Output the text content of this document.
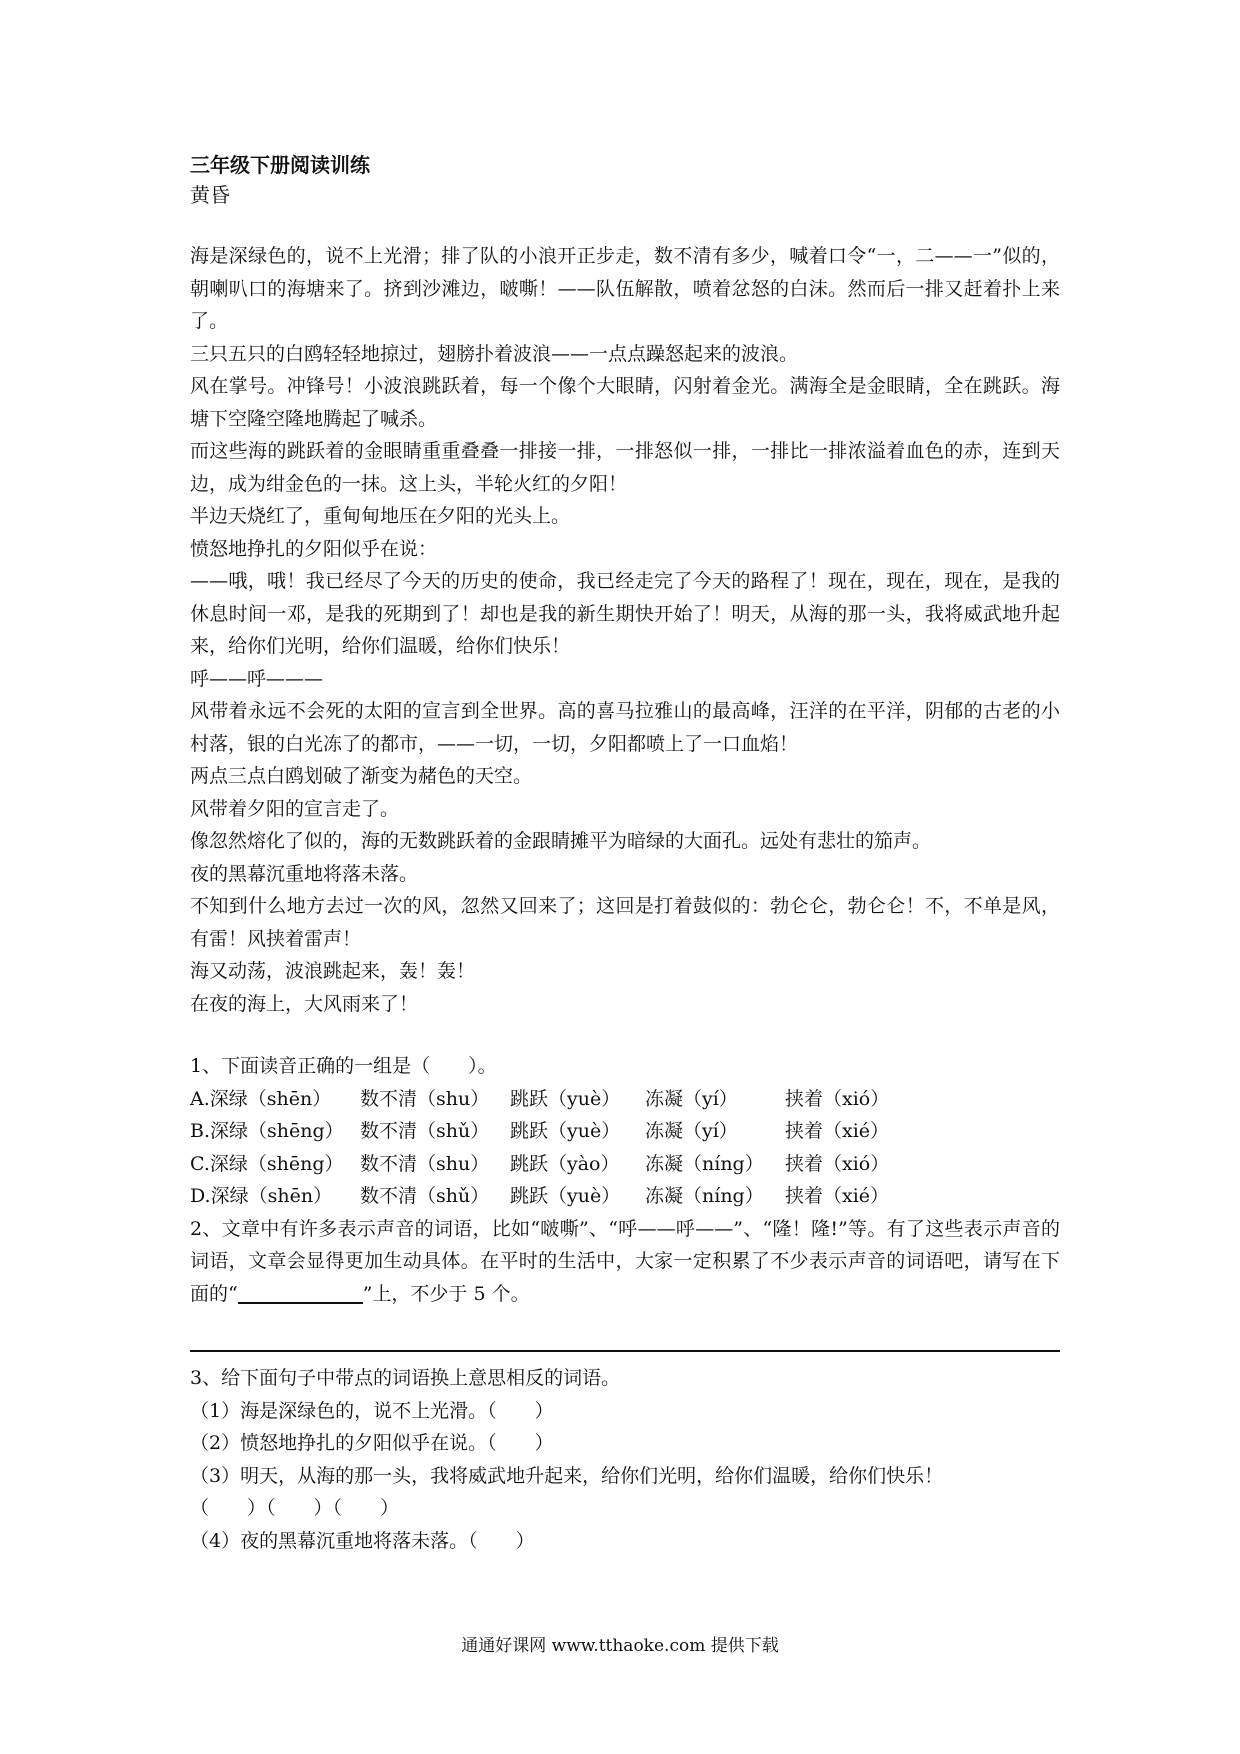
三年级下册阅读训练
黄昏

海是深绿色的，说不上光滑；排了队的小浪开正步走，数不清有多少，喊着口令“一，二——一”似的，朝喇叭口的海塘来了。挤到沙滩边，啵嘶！——队伍解散，喷着忿怒的白沫。然而后一排又赶着扑上来了。

三只五只的白鸥轻轻地掠过，翅膀扑着波浪——一点点躁怒起来的波浪。

风在掌号。冲锋号！小波浪跳跃着，每一个像个大眼睛，闪射着金光。满海全是金眼睛，全在跳跃。海塘下空隆空隆地腾起了喊杀。

而这些海的跳跃着的金眼睛重重叠叠一排接一排，一排怒似一排，一排比一排浓溢着血色的赤，连到天边，成为绀金色的一抹。这上头，半轮火红的夕阳！

半边天烧红了，重甸甸地压在夕阳的光头上。

愤怒地挣扎的夕阳似乎在说：

——哦，哦！我已经尽了今天的历史的使命，我已经走完了今天的路程了！现在，现在，现在，是我的休息时间一邓，是我的死期到了！却也是我的新生期快开始了！明天，从海的那一头，我将威武地升起来，给你们光明，给你们温暖，给你们快乐！

呼——呼———

风带着永远不会死的太阳的宣言到全世界。高的喜马拉雅山的最高峰，汪洋的在平洋，阴郁的古老的小村落，银的白光冻了的都市，——一切，一切，夕阳都喷上了一口血焰！

两点三点白鸥划破了渐变为赭色的天空。

风带着夕阳的宣言走了。

像忽然熔化了似的，海的无数跳跃着的金跟睛摊平为暗绿的大面孔。远处有悲壮的笳声。

夜的黑幕沉重地将落未落。

不知到什么地方去过一次的风，忽然又回来了；这回是打着鼓似的：勃仑仑，勃仑仑！不，不单是风，有雷！风挟着雷声！

海又动荡，波浪跳起来，轰！轰！

在夜的海上，大风雨来了！

1、下面读音正确的一组是（　　）。
A.深绿（shēn） 数不清（shu） 跳跃（yuè） 冻凝（yí） 挟着（xió）
B.深绿（shēng） 数不清（shǔ） 跳跃（yuè） 冻凝（yí） 挟着（xié）
C.深绿（shēng） 数不清（shu） 跳跃（yào） 冻凝（níng） 挟着（xió）
D.深绿（shēn） 数不清（shǔ） 跳跃（yuè） 冻凝（níng） 挟着（xié）

2、文章中有许多表示声音的词语，比如“啵嘶”、“呼——呼——”、“隆！隆!”等。有了这些表示声音的词语，文章会显得更加生动具体。在平时的生活中，大家一定积累了不少表示声音的词语吧，请写在下面的“	”上，不少于 5 个。

3、给下面句子中带点的词语换上意思相反的词语。
（1）海是深绿色的，说不上光滑。（　　）
（2）愤怒地挣扎的夕阳似乎在说。（　　）
（3）明天，从海的那一头，我将威武地升起来，给你们光明，给你们温暖，给你们快乐！
（　　）（　　）（　　）
（4）夜的黑幕沉重地将落未落。（　　）
通通好课网 www.tthaoke.com 提供下载
